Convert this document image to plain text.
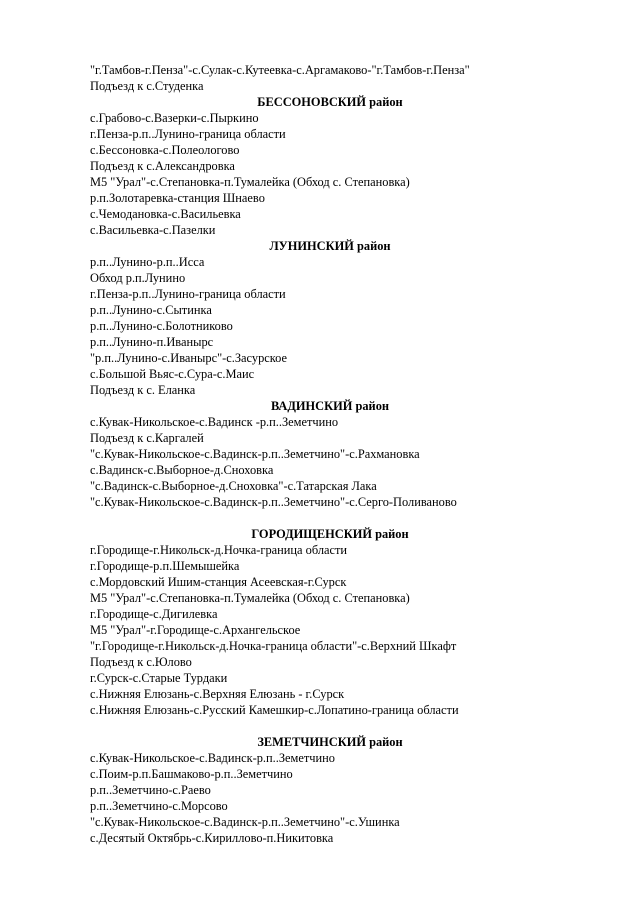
"г.Тамбов-г.Пенза"-с.Сулак-с.Кутеевка-с.Аргамаково-"г.Тамбов-г.Пенза"
Подъезд к с.Студенка
БЕССОНОВСКИЙ район
с.Грабово-с.Вазерки-с.Пыркино
г.Пенза-р.п..Лунино-граница области
с.Бессоновка-с.Полеологово
Подъезд к с.Александровка
М5 "Урал"-с.Степановка-п.Тумалейка (Обход с. Степановка)
р.п.Золотаревка-станция Шнаево
с.Чемодановка-с.Васильевка
с.Васильевка-с.Пазелки
ЛУНИНСКИЙ район
р.п..Лунино-р.п..Исса
Обход р.п.Лунино
г.Пенза-р.п..Лунино-граница области
р.п..Лунино-с.Сытинка
р.п..Лунино-с.Болотниково
р.п..Лунино-п.Иваныpc
"р.п..Лунино-с.Иваныpc"-с.Засурское
с.Большой Вьяс-с.Сура-с.Маис
Подъезд к с. Еланка
ВАДИНСКИЙ район
с.Кувак-Никольское-с.Вадинск -р.п..Земетчино
Подъезд к с.Каргалей
"с.Кувак-Никольское-с.Вадинск-р.п..Земетчино"-с.Рахмановка
с.Вадинск-с.Выборное-д.Сноховка
"с.Вадинск-с.Выборное-д.Сноховка"-с.Татарская Лака
"с.Кувак-Никольское-с.Вадинск-р.п..Земетчино"-с.Серго-Поливаново
ГОРОДИЩЕНСКИЙ район
г.Городище-г.Никольск-д.Ночка-граница области
г.Городище-р.п.Шемышейка
с.Мордовский Ишим-станция Асеевская-г.Сурск
М5 "Урал"-с.Степановка-п.Тумалейка (Обход с. Степановка)
г.Городище-с.Дигилевка
М5 "Урал"-г.Городище-с.Архангельское
"г.Городище-г.Никольск-д.Ночка-граница области"-с.Верхний Шкафт
Подъезд к с.Юлово
г.Сурск-с.Старые Турдаки
с.Нижняя Елюзань-с.Верхняя Елюзань - г.Сурск
с.Нижняя Елюзань-с.Русский Камешкир-с.Лопатино-граница области
ЗЕМЕТЧИНСКИЙ район
с.Кувак-Никольское-с.Вадинск-р.п..Земетчино
с.Поим-р.п.Башмаково-р.п..Земетчино
р.п..Земетчино-с.Раево
р.п..Земетчино-с.Морсово
"с.Кувак-Никольское-с.Вадинск-р.п..Земетчино"-с.Ушинка
с.Десятый Октябрь-с.Кириллово-п.Никитовка
